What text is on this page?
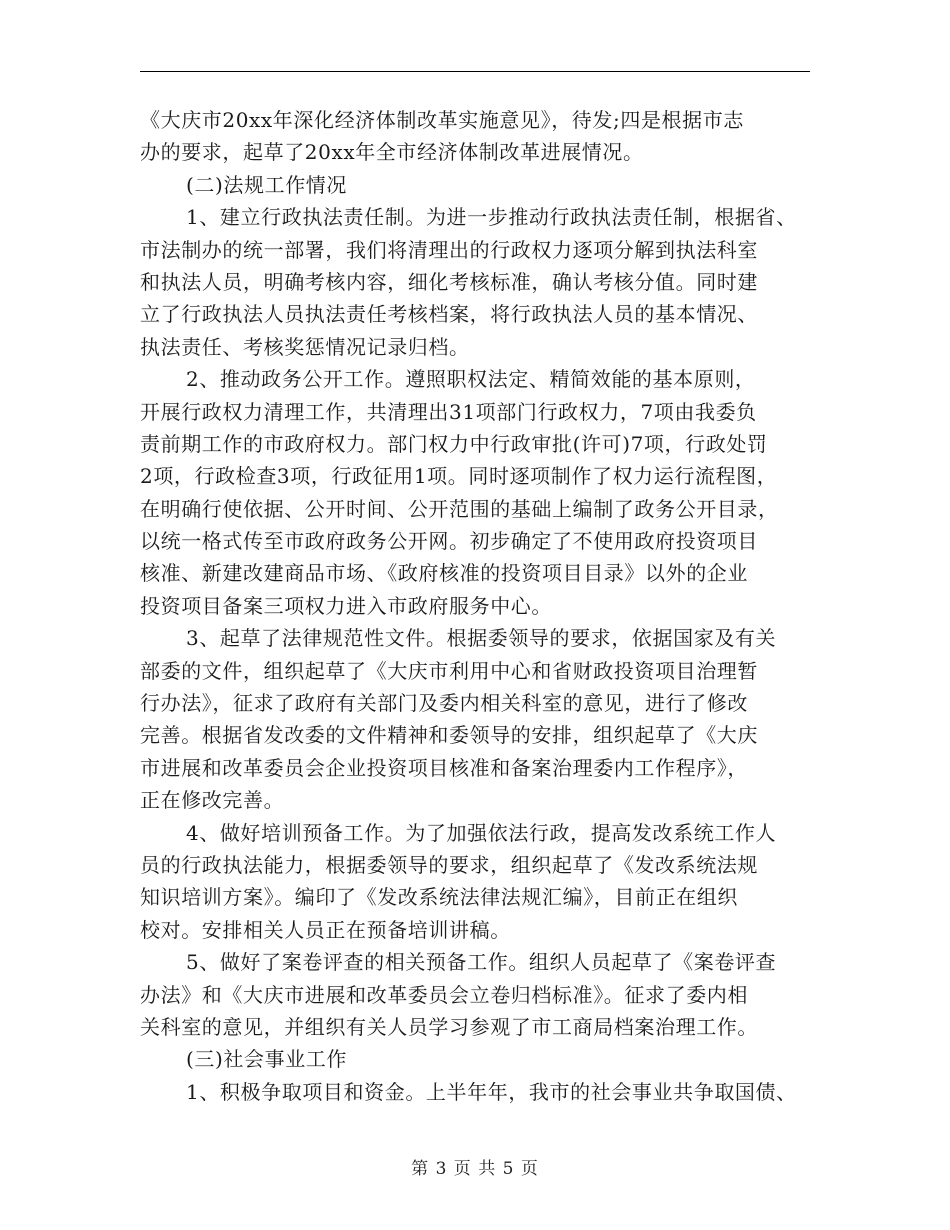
《大庆市20xx年深化经济体制改革实施意见》，待发;四是根据市志
办的要求，起草了20xx年全市经济体制改革进展情况。
(二)法规工作情况
1、建立行政执法责任制。为进一步推动行政执法责任制，根据省、
市法制办的统一部署，我们将清理出的行政权力逐项分解到执法科室
和执法人员，明确考核内容，细化考核标准，确认考核分值。同时建
立了行政执法人员执法责任考核档案，将行政执法人员的基本情况、
执法责任、考核奖惩情况记录归档。
2、推动政务公开工作。遵照职权法定、精简效能的基本原则，
开展行政权力清理工作，共清理出31项部门行政权力，7项由我委负
责前期工作的市政府权力。部门权力中行政审批(许可)7项，行政处罚
2项，行政检查3项，行政征用1项。同时逐项制作了权力运行流程图，
在明确行使依据、公开时间、公开范围的基础上编制了政务公开目录，
以统一格式传至市政府政务公开网。初步确定了不使用政府投资项目
核准、新建改建商品市场、《政府核准的投资项目目录》以外的企业
投资项目备案三项权力进入市政府服务中心。
3、起草了法律规范性文件。根据委领导的要求，依据国家及有关
部委的文件，组织起草了《大庆市利用中心和省财政投资项目治理暂
行办法》，征求了政府有关部门及委内相关科室的意见，进行了修改
完善。根据省发改委的文件精神和委领导的安排，组织起草了《大庆
市进展和改革委员会企业投资项目核准和备案治理委内工作程序》，
正在修改完善。
4、做好培训预备工作。为了加强依法行政，提高发改系统工作人
员的行政执法能力，根据委领导的要求，组织起草了《发改系统法规
知识培训方案》。编印了《发改系统法律法规汇编》，目前正在组织
校对。安排相关人员正在预备培训讲稿。
5、做好了案卷评查的相关预备工作。组织人员起草了《案卷评查
办法》和《大庆市进展和改革委员会立卷归档标准》。征求了委内相
关科室的意见，并组织有关人员学习参观了市工商局档案治理工作。
(三)社会事业工作
1、积极争取项目和资金。上半年年，我市的社会事业共争取国债、
第 3 页 共 5 页
